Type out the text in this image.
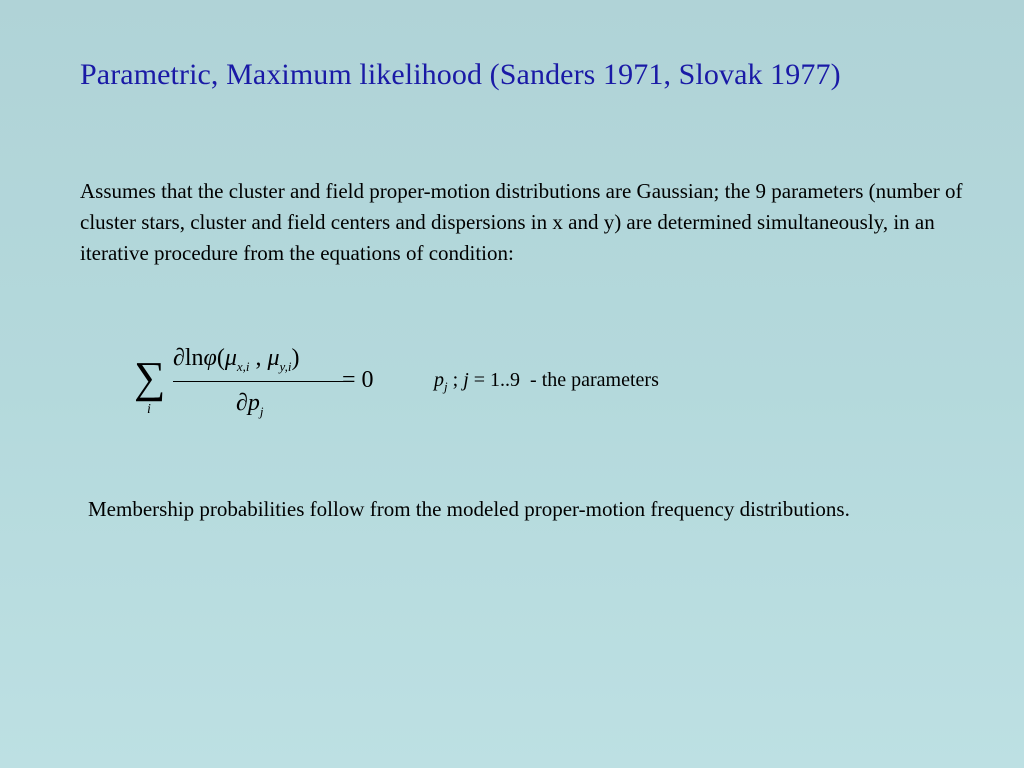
Parametric, Maximum likelihood (Sanders 1971, Slovak 1977)
Assumes that the cluster and field proper-motion distributions are Gaussian; the 9 parameters (number of cluster stars, cluster and field centers and dispersions in x and y) are determined simultaneously, in an iterative procedure from the equations of condition:
∑
i
$\partial\ln\varphi(\mu_{x,i}$ , $\mu_{y,i}$)
$\partial p_j$
= 0	$p_j$ ; j = 1..9  - the parameters
Membership probabilities follow from the modeled proper-motion frequency distributions.
